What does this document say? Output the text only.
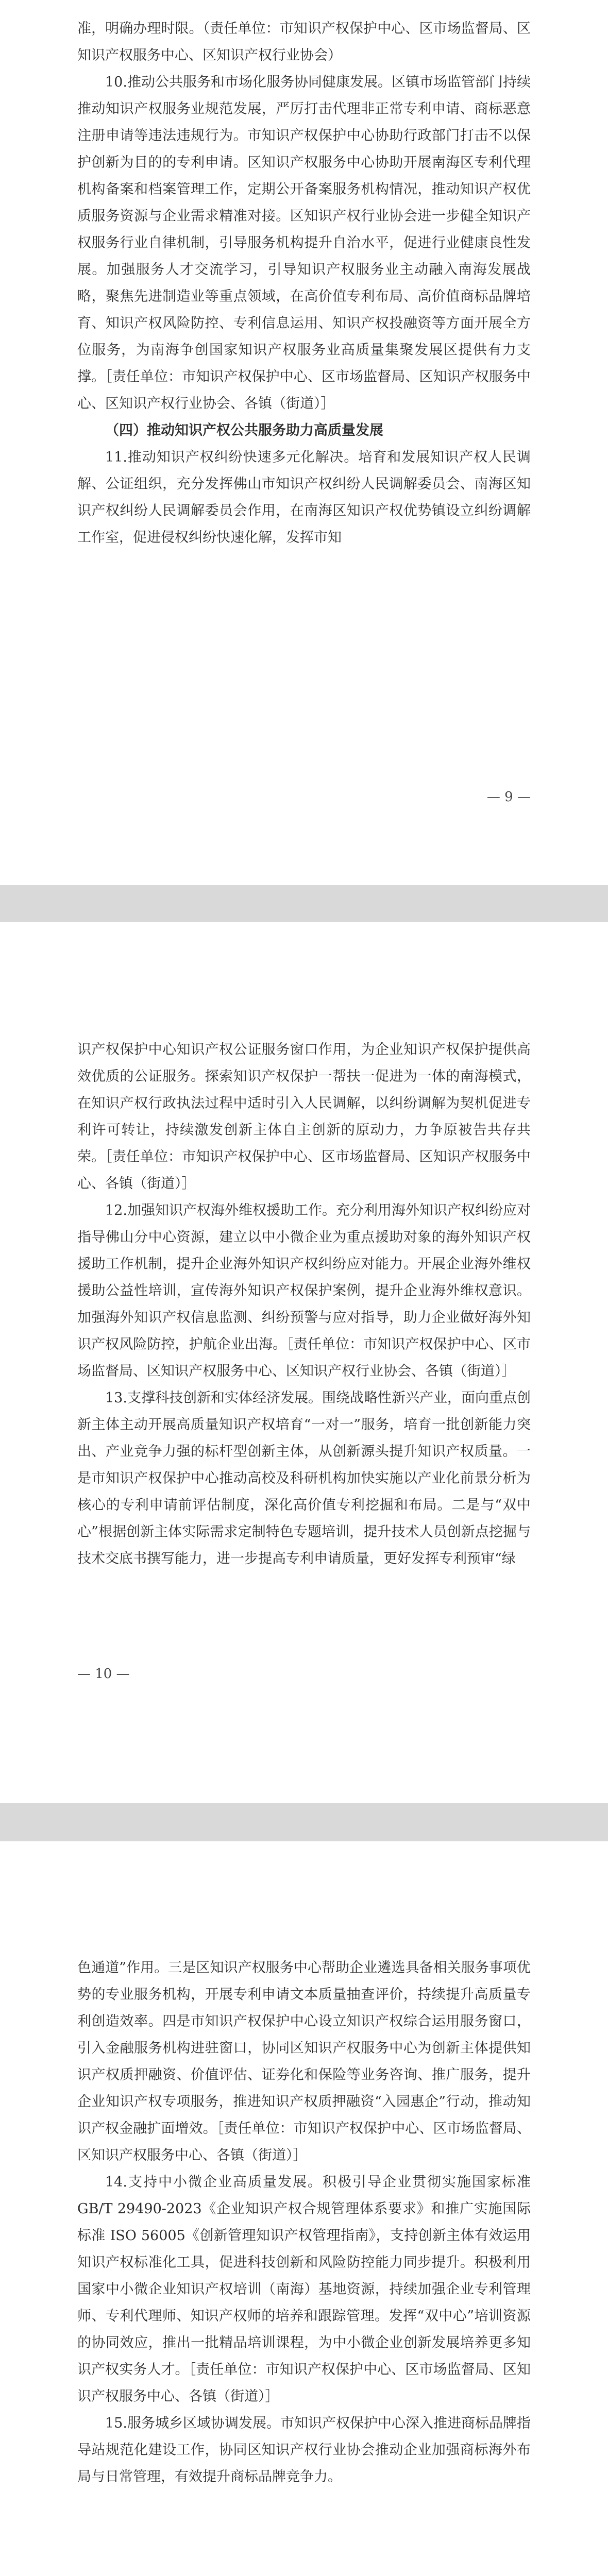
准，明确办理时限。（责任单位：市知识产权保护中心、区市场监督局、区知识产权服务中心、区知识产权行业协会）

10.推动公共服务和市场化服务协同健康发展。区镇市场监管部门持续推动知识产权服务业规范发展，严厉打击代理非正常专利申请、商标恶意注册申请等违法违规行为。市知识产权保护中心协助行政部门打击不以保护创新为目的的专利申请。区知识产权服务中心协助开展南海区专利代理机构备案和档案管理工作，定期公开备案服务机构情况，推动知识产权优质服务资源与企业需求精准对接。区知识产权行业协会进一步健全知识产权服务行业自律机制，引导服务机构提升自治水平，促进行业健康良性发展。加强服务人才交流学习，引导知识产权服务业主动融入南海发展战略，聚焦先进制造业等重点领域，在高价值专利布局、高价值商标品牌培育、知识产权风险防控、专利信息运用、知识产权投融资等方面开展全方位服务，为南海争创国家知识产权服务业高质量集聚发展区提供有力支撑。［责任单位：市知识产权保护中心、区市场监督局、区知识产权服务中心、区知识产权行业协会、各镇（街道）］

（四）推动知识产权公共服务助力高质量发展

11.推动知识产权纠纷快速多元化解决。培育和发展知识产权人民调解、公证组织，充分发挥佛山市知识产权纠纷人民调解委员会、南海区知识产权纠纷人民调解委员会作用，在南海区知识产权优势镇设立纠纷调解工作室，促进侵权纠纷快速化解，发挥市知

— 9 —

识产权保护中心知识产权公证服务窗口作用，为企业知识产权保护提供高效优质的公证服务。探索知识产权保护一帮扶一促进为一体的南海模式，在知识产权行政执法过程中适时引入人民调解，以纠纷调解为契机促进专利许可转让，持续激发创新主体自主创新的原动力，力争原被告共存共荣。［责任单位：市知识产权保护中心、区市场监督局、区知识产权服务中心、各镇（街道）］

12.加强知识产权海外维权援助工作。充分利用海外知识产权纠纷应对指导佛山分中心资源，建立以中小微企业为重点援助对象的海外知识产权援助工作机制，提升企业海外知识产权纠纷应对能力。开展企业海外维权援助公益性培训，宣传海外知识产权保护案例，提升企业海外维权意识。加强海外知识产权信息监测、纠纷预警与应对指导，助力企业做好海外知识产权风险防控，护航企业出海。［责任单位：市知识产权保护中心、区市场监督局、区知识产权服务中心、区知识产权行业协会、各镇（街道）］

13.支撑科技创新和实体经济发展。围绕战略性新兴产业，面向重点创新主体主动开展高质量知识产权培育“一对一”服务，培育一批创新能力突出、产业竞争力强的标杆型创新主体，从创新源头提升知识产权质量。一是市知识产权保护中心推动高校及科研机构加快实施以产业化前景分析为核心的专利申请前评估制度，深化高价值专利挖掘和布局。二是与“双中心”根据创新主体实际需求定制特色专题培训，提升技术人员创新点挖掘与技术交底书撰写能力，进一步提高专利申请质量，更好发挥专利预审“绿

— 10 —

色通道”作用。三是区知识产权服务中心帮助企业遴选具备相关服务事项优势的专业服务机构，开展专利申请文本质量抽查评价，持续提升高质量专利创造效率。四是市知识产权保护中心设立知识产权综合运用服务窗口，引入金融服务机构进驻窗口，协同区知识产权服务中心为创新主体提供知识产权质押融资、价值评估、证券化和保险等业务咨询、推广服务，提升企业知识产权专项服务，推进知识产权质押融资“入园惠企”行动，推动知识产权金融扩面增效。［责任单位：市知识产权保护中心、区市场监督局、区知识产权服务中心、各镇（街道）］

14.支持中小微企业高质量发展。积极引导企业贯彻实施国家标准 GB/T 29490-2023《企业知识产权合规管理体系要求》和推广实施国际标准 ISO 56005《创新管理知识产权管理指南》，支持创新主体有效运用知识产权标准化工具，促进科技创新和风险防控能力同步提升。积极利用国家中小微企业知识产权培训（南海）基地资源，持续加强企业专利管理师、专利代理师、知识产权师的培养和跟踪管理。发挥“双中心”培训资源的协同效应，推出一批精品培训课程，为中小微企业创新发展培养更多知识产权实务人才。［责任单位：市知识产权保护中心、区市场监督局、区知识产权服务中心、各镇（街道）］

15.服务城乡区域协调发展。市知识产权保护中心深入推进商标品牌指导站规范化建设工作，协同区知识产权行业协会推动企业加强商标海外布局与日常管理，有效提升商标品牌竞争力。
